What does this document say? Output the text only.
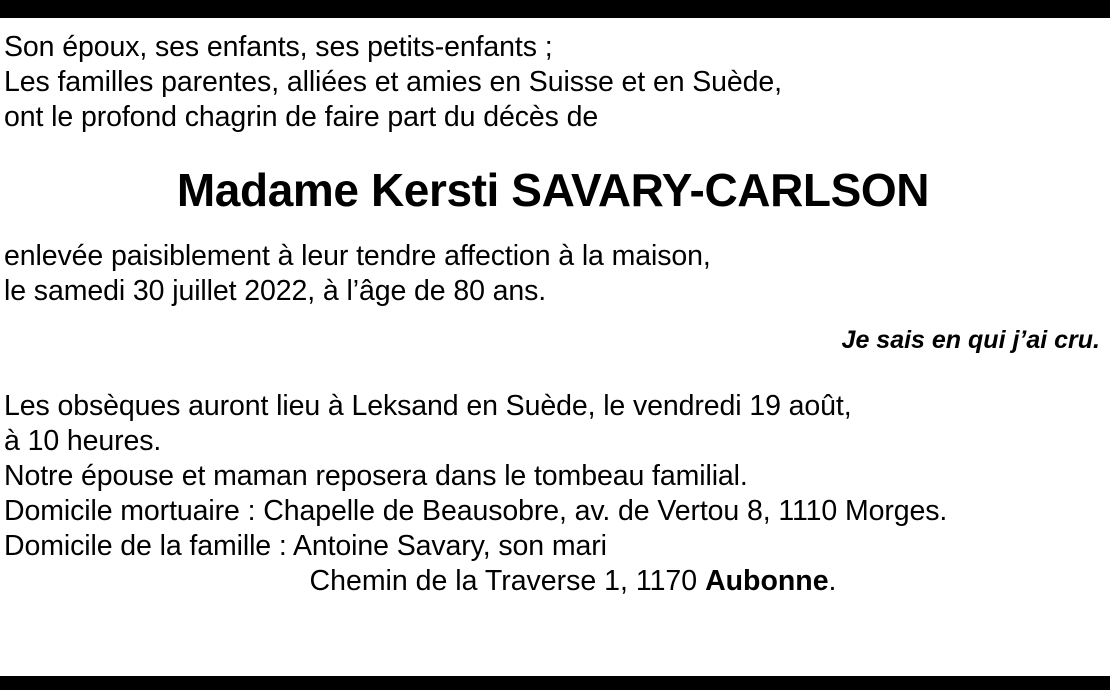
Son époux, ses enfants, ses petits-enfants ;
Les familles parentes, alliées et amies en Suisse et en Suède,
ont le profond chagrin de faire part du décès de
Madame Kersti SAVARY-CARLSON
enlevée paisiblement à leur tendre affection à la maison,
le samedi 30 juillet 2022, à l’âge de 80 ans.
Je sais en qui j’ai cru.
Les obsèques auront lieu à Leksand en Suède, le vendredi 19 août,
à 10 heures.
Notre épouse et maman reposera dans le tombeau familial.
Domicile mortuaire : Chapelle de Beausobre, av. de Vertou 8, 1110 Morges.
Domicile de la famille : Antoine Savary, son mari
Chemin de la Traverse 1, 1170 Aubonne.
